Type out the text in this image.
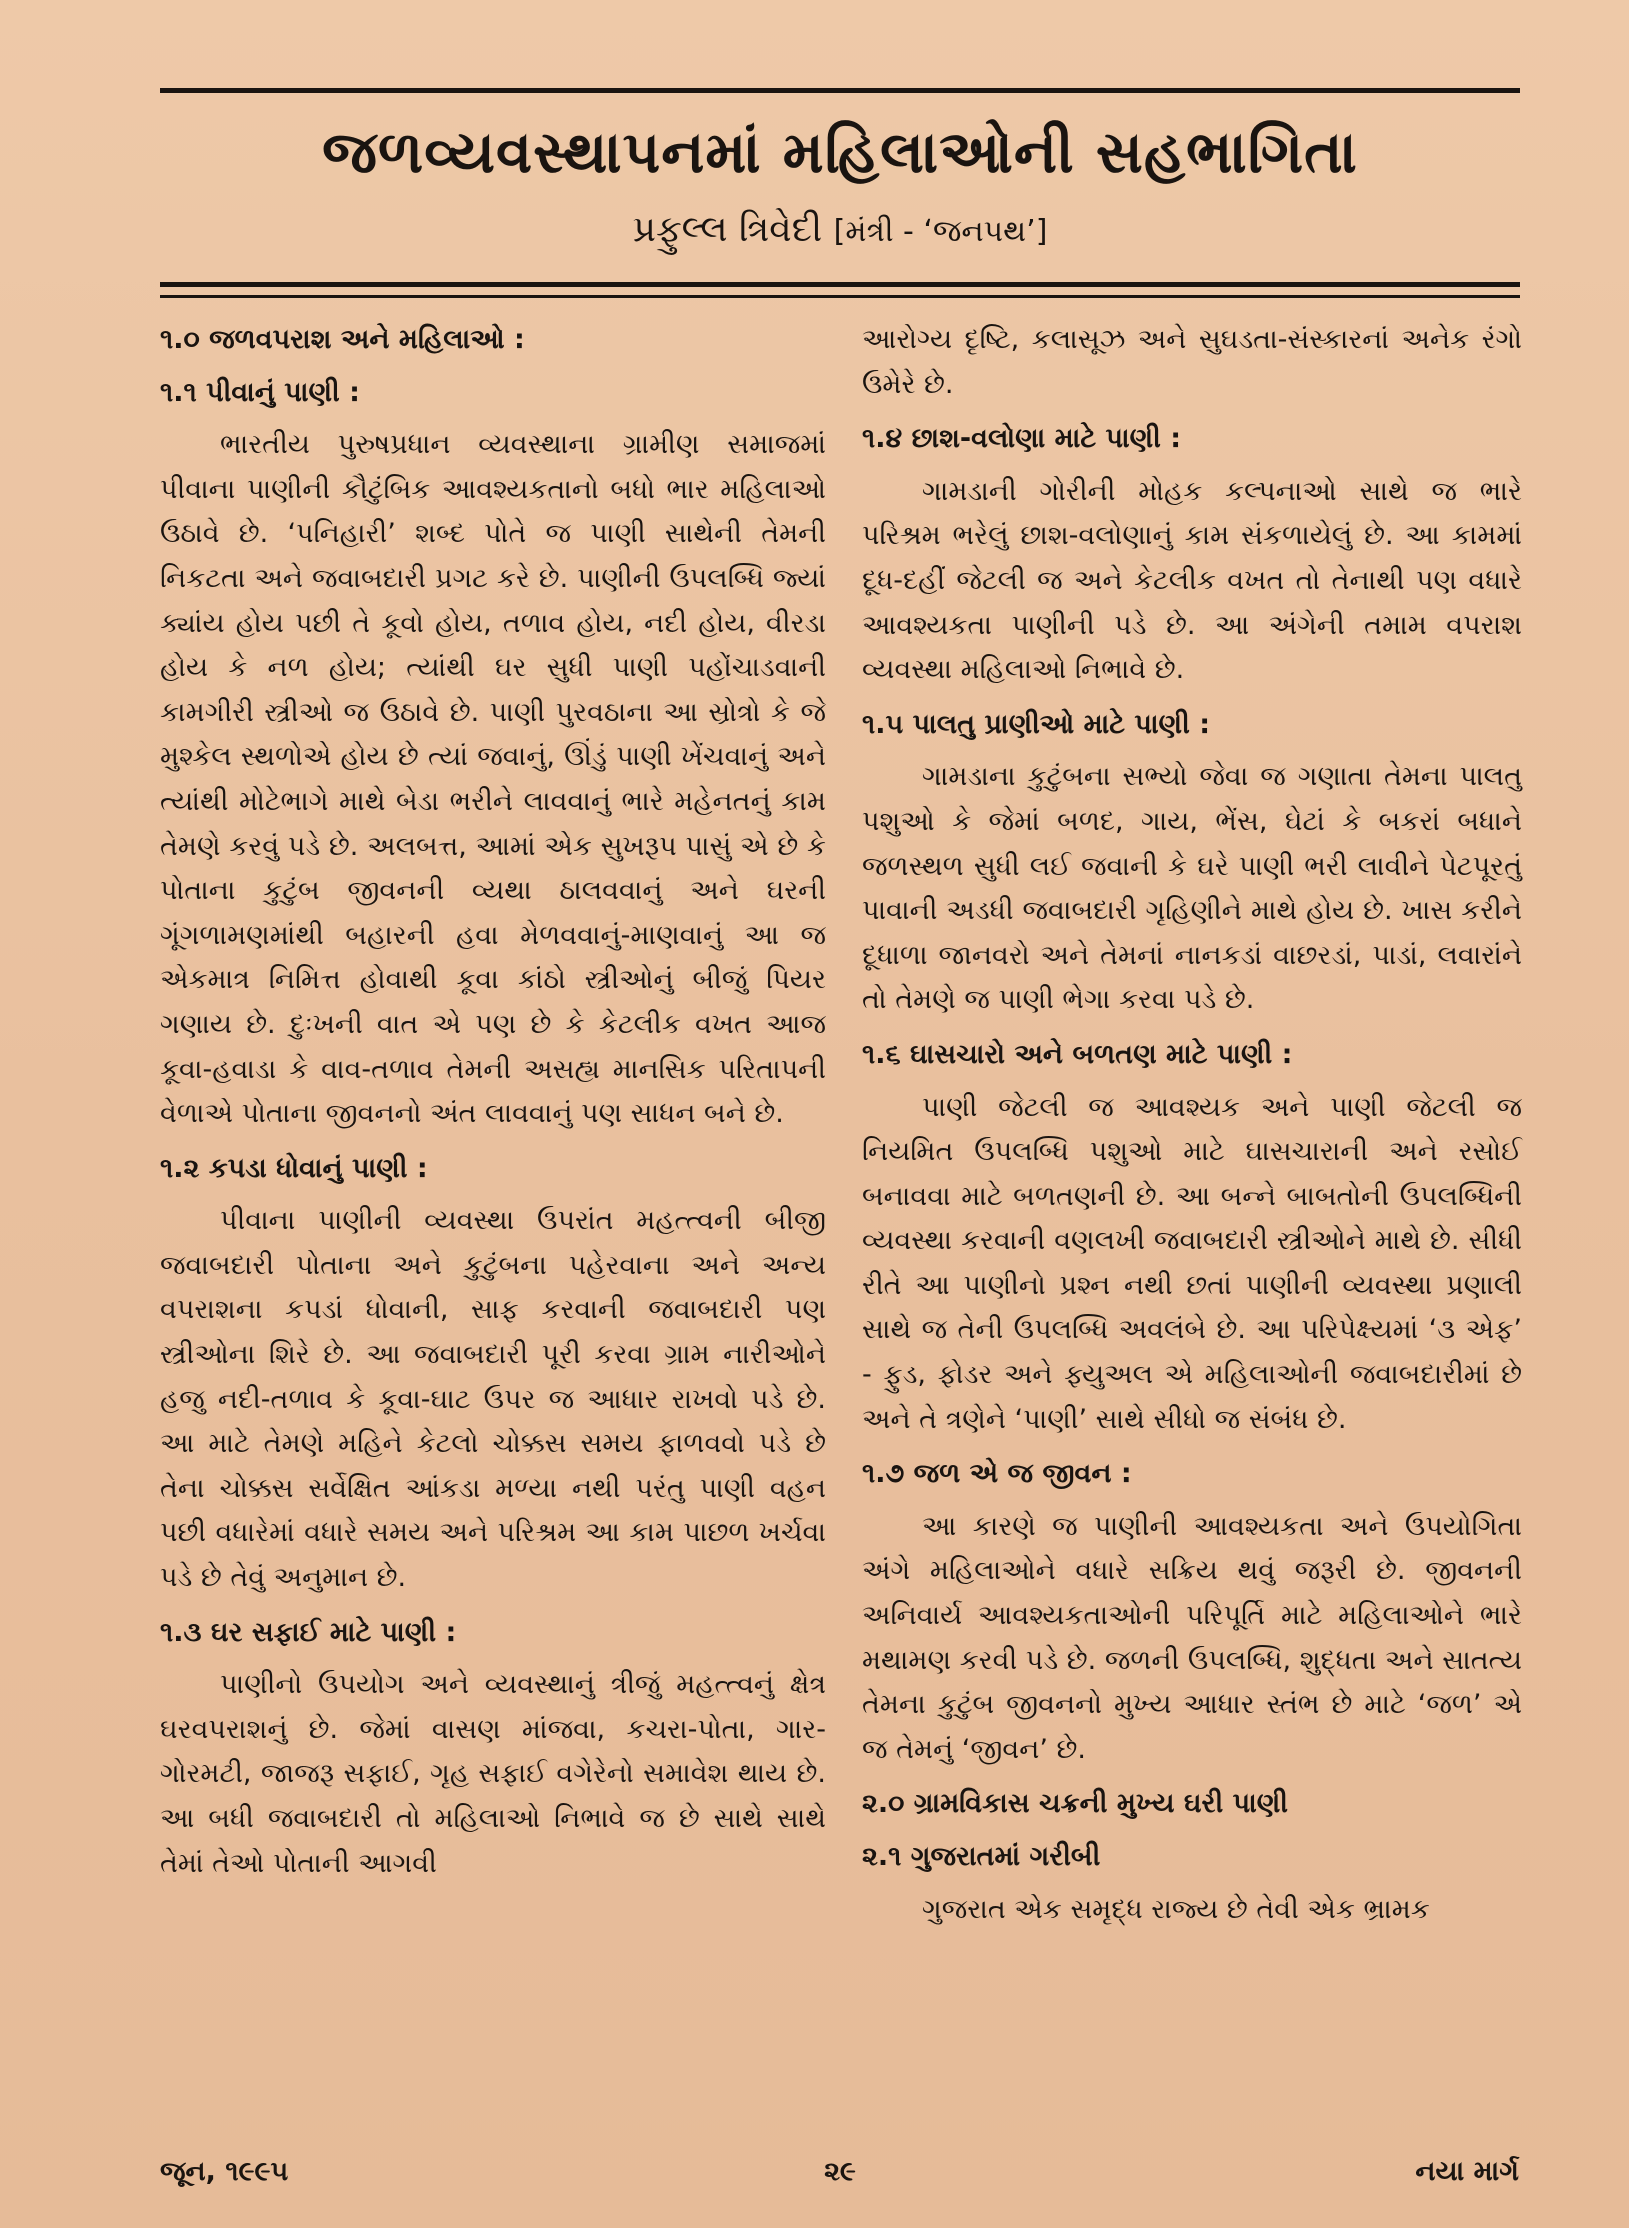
જળવ્યવસ્થાપનમાં મહિલાઓની સહભાગિતા
પ્રફુલ્લ ત્રિવેદી [મંત્રી - ‘જનપથ’]
૧.૦ જળવપરાશ અને મહિલાઓ :
૧.૧ પીવાનું પાણી :

ભારતીય પુરુષપ્રધાન વ્યવસ્થાના ગ્રામીણ સમાજમાં પીવાના પાણીની કૌટુંબિક આવશ્યકતાનો બધો ભાર મહિલાઓ ઉઠાવે છે. ‘પનિહારી’ શબ્દ પોતે જ પાણી સાથેની તેમની નિકટતા અને જવાબદારી પ્રગટ કરે છે. પાણીની ઉપલબ્ધિ જ્યાં ક્યાંય હોય પછી તે કૂવો હોય, તળાવ હોય, નદી હોય, વીરડા હોય કે નળ હોય; ત્યાંથી ઘર સુધી પાણી પહોંચાડવાની કામગીરી સ્ત્રીઓ જ ઉઠાવે છે. પાણી પુરવઠાના આ સ્રોત્રો કે જે મુશ્કેલ સ્થળોએ હોય છે ત્યાં જવાનું, ઊંડું પાણી ખેંચવાનું અને ત્યાંથી મોટેભાગે માથે બેડા ભરીને લાવવાનું ભારે મહેનતનું કામ તેમણે કરવું પડે છે. અલબત્ત, આમાં એક સુખરૂપ પાસું એ છે કે પોતાના કુટુંબ જીવનની વ્યથા ઠાલવવાનું અને ઘરની ગૂંગળામણમાંથી બહારની હવા મેળવવાનું-માણવાનું આ જ એકમાત્ર નિમિત્ત હોવાથી કૂવા કાંઠો સ્ત્રીઓનું બીજું પિયર ગણાય છે. દુઃખની વાત એ પણ છે કે કેટલીક વખત આજ કૂવા-હવાડા કે વાવ-તળાવ તેમની અસહ્ય માનસિક પરિતાપની વેળાએ પોતાના જીવનનો અંત લાવવાનું પણ સાધન બને છે.

૧.૨ કપડા ધોવાનું પાણી :

પીવાના પાણીની વ્યવસ્થા ઉપરાંત મહત્ત્વની બીજી જવાબદારી પોતાના અને કુટુંબના પહેરવાના અને અન્ય વપરાશના કપડાં ધોવાની, સાફ કરવાની જવાબદારી પણ સ્ત્રીઓના શિરે છે. આ જવાબદારી પૂરી કરવા ગ્રામ નારીઓને હજુ નદી-તળાવ કે કૂવા-ઘાટ ઉપર જ આધાર રાખવો પડે છે. આ માટે તેમણે મહિને કેટલો ચોક્કસ સમય ફાળવવો પડે છે તેના ચોક્કસ સર્વેક્ષિત આંકડા મળ્યા નથી પરંતુ પાણી વહન પછી વધારેમાં વધારે સમય અને પરિશ્રમ આ કામ પાછળ ખર્ચવા પડે છે તેવું અનુમાન છે.

૧.૩ ઘર સફાઈ માટે પાણી :

પાણીનો ઉપયોગ અને વ્યવસ્થાનું ત્રીજું મહત્ત્વનું ક્ષેત્ર ઘરવપરાશનું છે. જેમાં વાસણ માંજવા, કચરા-પોતા, ગાર-ગોરમટી, જાજરૂ સફાઈ, ગૃહ સફાઈ વગેરેનો સમાવેશ થાય છે. આ બધી જવાબદારી તો મહિલાઓ નિભાવે જ છે સાથે સાથે તેમાં તેઓ પોતાની આગવી

આરોગ્ય દૃષ્ટિ, કલાસૂઝ અને સુઘડતા-સંસ્કારનાં અનેક રંગો ઉમેરે છે.

૧.૪ છાશ-વલોણા માટે પાણી :

ગામડાની ગોરીની મોહક કલ્પનાઓ સાથે જ ભારે પરિશ્રમ ભરેલું છાશ-વલોણાનું કામ સંકળાયેલું છે. આ કામમાં દૂધ-દહીં જેટલી જ અને કેટલીક વખત તો તેનાથી પણ વધારે આવશ્યકતા પાણીની પડે છે. આ અંગેની તમામ વપરાશ વ્યવસ્થા મહિલાઓ નિભાવે છે.

૧.૫ પાલતુ પ્રાણીઓ માટે પાણી :

ગામડાના કુટુંબના સભ્યો જેવા જ ગણાતા તેમના પાલતુ પશુઓ કે જેમાં બળદ, ગાય, ભેંસ, ઘેટાં કે બકરાં બધાને જળસ્થળ સુધી લઈ જવાની કે ઘરે પાણી ભરી લાવીને પેટપૂરતું પાવાની અડધી જવાબદારી ગૃહિણીને માથે હોય છે. ખાસ કરીને દૂધાળા જાનવરો અને તેમનાં નાનકડાં વાછરડાં, પાડાં, લવારાંને તો તેમણે જ પાણી ભેગા કરવા પડે છે.

૧.૬ ઘાસચારો અને બળતણ માટે પાણી :

પાણી જેટલી જ આવશ્યક અને પાણી જેટલી જ નિયમિત ઉપલબ્ધિ પશુઓ માટે ઘાસચારાની અને રસોઈ બનાવવા માટે બળતણની છે. આ બન્ને બાબતોની ઉપલબ્ધિની વ્યવસ્થા કરવાની વણલખી જવાબદારી સ્ત્રીઓને માથે છે. સીધી રીતે આ પાણીનો પ્રશ્ન નથી છતાં પાણીની વ્યવસ્થા પ્રણાલી સાથે જ તેની ઉપલબ્ધિ અવલંબે છે. આ પરિપેક્ષ્યમાં ‘૩ એફ’ - ફુડ, ફોડર અને ફ્યુઅલ એ મહિલાઓની જવાબદારીમાં છે અને તે ત્રણેને ‘પાણી’ સાથે સીધો જ સંબંધ છે.

૧.૭ જળ એ જ જીવન :

આ કારણે જ પાણીની આવશ્યકતા અને ઉપયોગિતા અંગે મહિલાઓને વધારે સક્રિય થવું જરૂરી છે. જીવનની અનિવાર્ય આવશ્યકતાઓની પરિપૂર્તિ માટે મહિલાઓને ભારે મથામણ કરવી પડે છે. જળની ઉપલબ્ધિ, શુદ્ધતા અને સાતત્ય તેમના કુટુંબ જીવનનો મુખ્ય આધાર સ્તંભ છે માટે ‘જળ’ એ જ તેમનું ‘જીવન’ છે.

૨.૦ ગ્રામવિકાસ ચક્રની મુખ્ય ઘરી પાણી
૨.૧ ગુજરાતમાં ગરીબી

ગુજરાત એક સમૃદ્ધ રાજ્ય છે તેવી એક ભ્રામક

જૂન, ૧૯૯૫	૨૯	નયા માર્ગ
